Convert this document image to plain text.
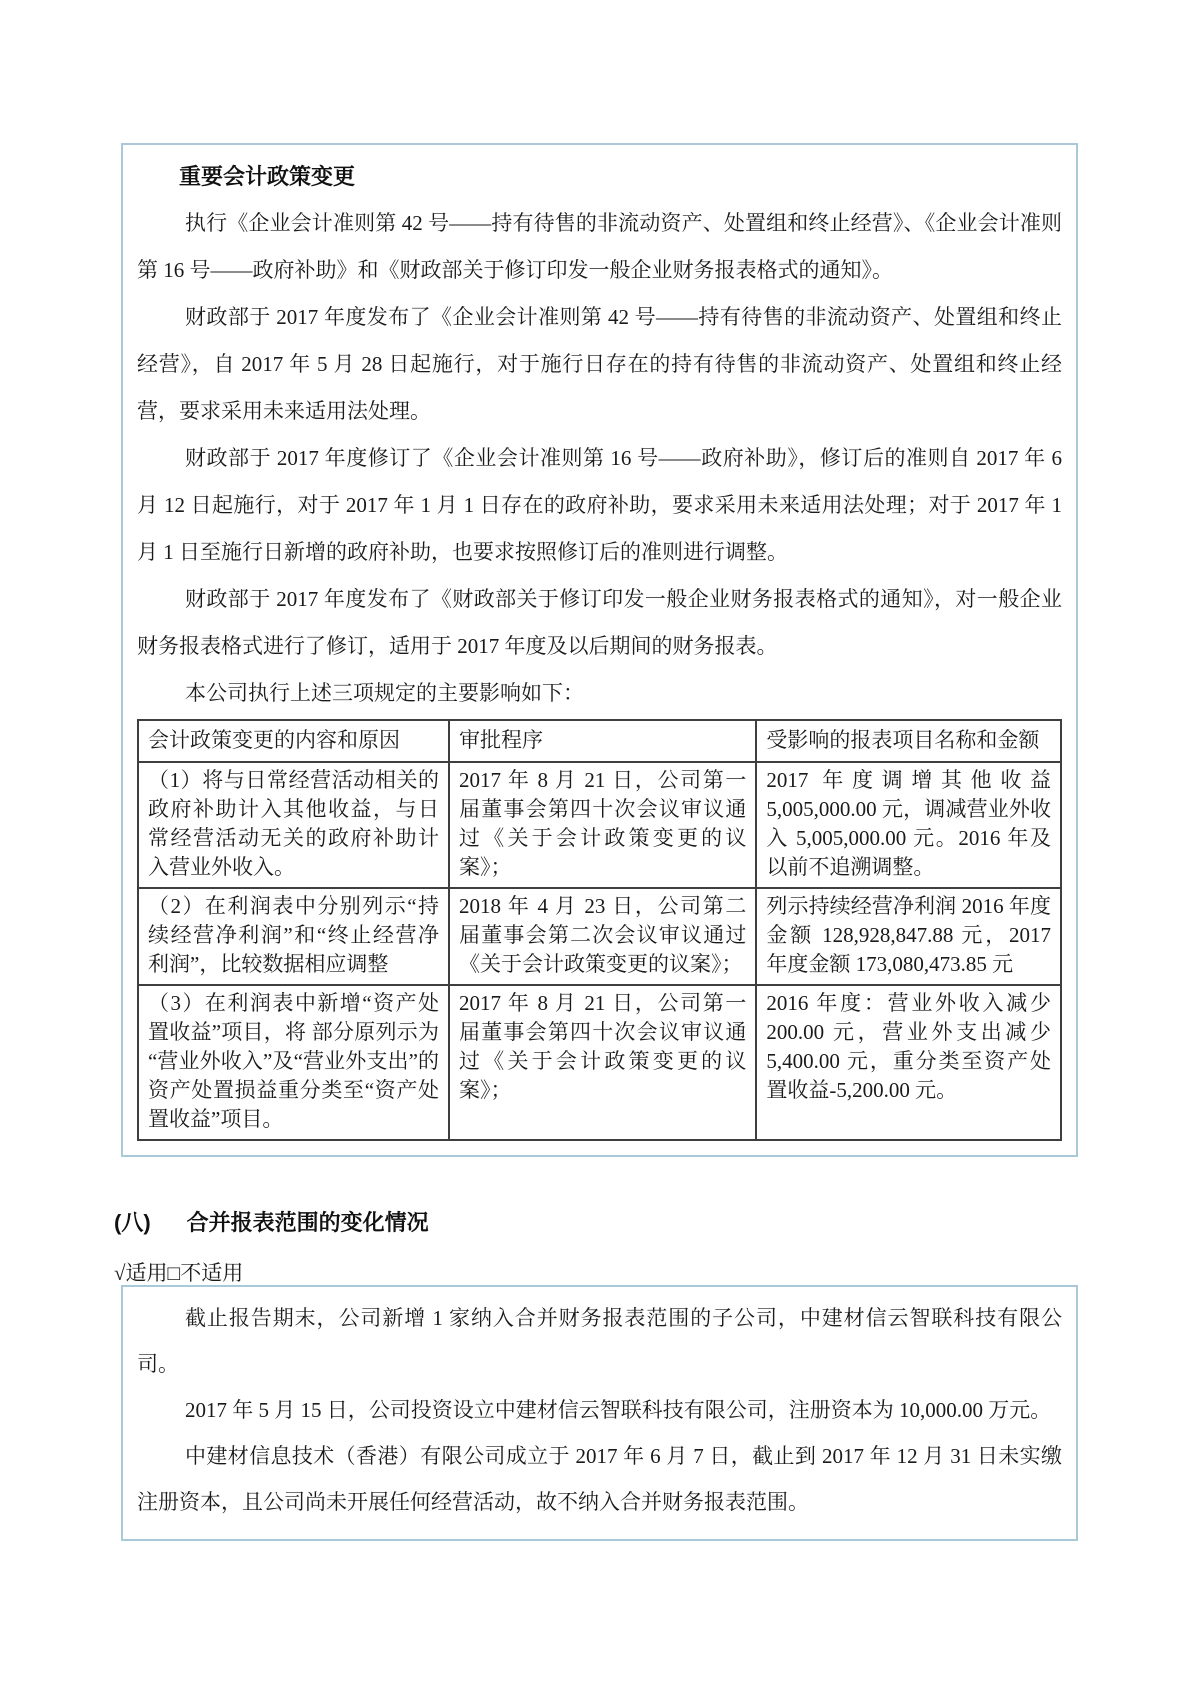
重要会计政策变更

执行《企业会计准则第 42 号——持有待售的非流动资产、处置组和终止经营》、《企业会计准则第 16 号——政府补助》和《财政部关于修订印发一般企业财务报表格式的通知》。

财政部于 2017 年度发布了《企业会计准则第 42 号——持有待售的非流动资产、处置组和终止经营》，自 2017 年 5 月 28 日起施行，对于施行日存在的持有待售的非流动资产、处置组和终止经营，要求采用未来适用法处理。

财政部于 2017 年度修订了《企业会计准则第 16 号——政府补助》，修订后的准则自 2017 年 6 月 12 日起施行，对于 2017 年 1 月 1 日存在的政府补助，要求采用未来适用法处理；对于 2017 年 1 月 1 日至施行日新增的政府补助，也要求按照修订后的准则进行调整。

财政部于 2017 年度发布了《财政部关于修订印发一般企业财务报表格式的通知》，对一般企业财务报表格式进行了修订，适用于 2017 年度及以后期间的财务报表。

本公司执行上述三项规定的主要影响如下：

会计政策变更的内容和原因	审批程序	受影响的报表项目名称和金额
（1）将与日常经营活动相关的政府补助计入其他收益，与日常经营活动无关的政府补助计入营业外收入。	2017 年 8 月 21 日，公司第一届董事会第四十次会议审议通过《关于会计政策变更的议案》；	2017 年度调增其他收益 5,005,000.00 元，调减营业外收入 5,005,000.00 元。2016 年及以前不追溯调整。
（2）在利润表中分别列示“持续经营净利润”和“终止经营净利润”，比较数据相应调整	2018 年 4 月 23 日，公司第二届董事会第二次会议审议通过《关于会计政策变更的议案》；	列示持续经营净利润 2016 年度金额 128,928,847.88 元，2017 年度金额 173,080,473.85 元
（3）在利润表中新增“资产处置收益”项目，将 部分原列示为“营业外收入”及“营业外支出”的资产处置损益重分类至“资产处置收益”项目。	2017 年 8 月 21 日，公司第一届董事会第四十次会议审议通过《关于会计政策变更的议案》；	2016 年度：营业外收入减少 200.00 元，营业外支出减少 5,400.00 元，重分类至资产处置收益-5,200.00 元。
(八) 合并报表范围的变化情况
√适用□不适用

截止报告期末，公司新增 1 家纳入合并财务报表范围的子公司，中建材信云智联科技有限公司。

2017 年 5 月 15 日，公司投资设立中建材信云智联科技有限公司，注册资本为 10,000.00 万元。

中建材信息技术（香港）有限公司成立于 2017 年 6 月 7 日，截止到 2017 年 12 月 31 日未实缴注册资本，且公司尚未开展任何经营活动，故不纳入合并财务报表范围。
